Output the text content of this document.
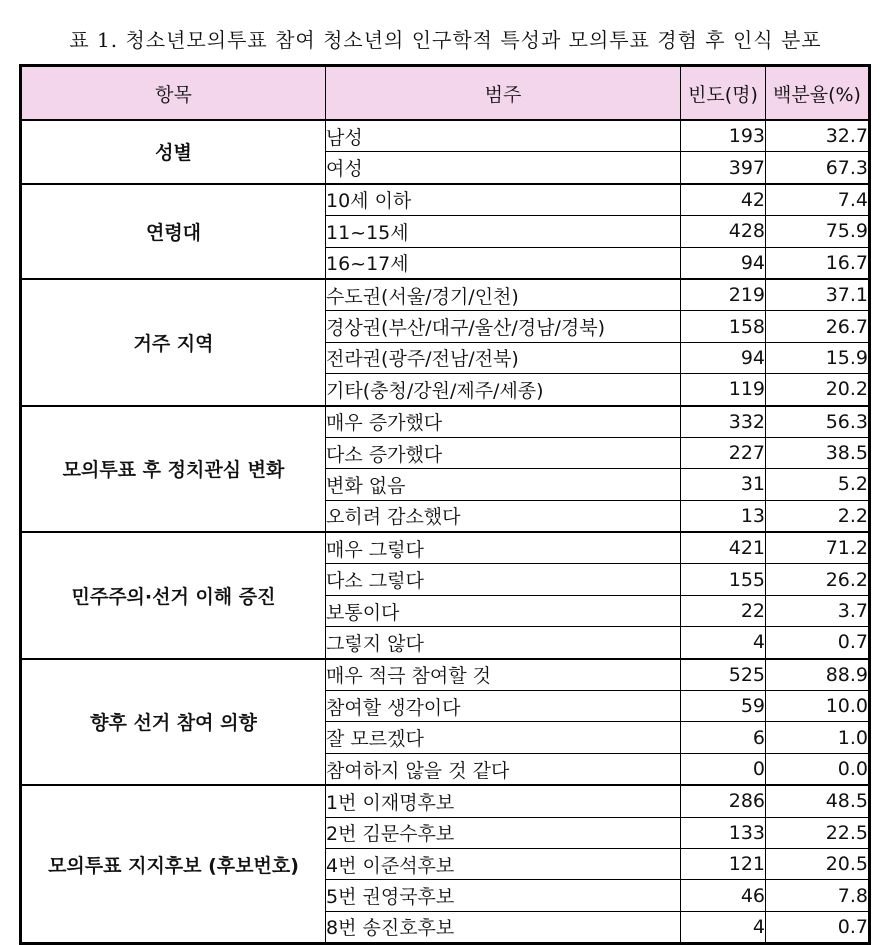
표 1. 청소년모의투표 참여 청소년의 인구학적 특성과 모의투표 경험 후 인식 분포
항목	범주	빈도(명)	백분율(%)
성별	남성	193	32.7
	여성	397	67.3
연령대	10세 이하	42	7.4
	11~15세	428	75.9
	16~17세	94	16.7
거주 지역	수도권(서울/경기/인천)	219	37.1
	경상권(부산/대구/울산/경남/경북)	158	26.7
	전라권(광주/전남/전북)	94	15.9
	기타(충청/강원/제주/세종)	119	20.2
모의투표 후 정치관심 변화	매우 증가했다	332	56.3
	다소 증가했다	227	38.5
	변화 없음	31	5.2
	오히려 감소했다	13	2.2
민주주의·선거 이해 증진	매우 그렇다	421	71.2
	다소 그렇다	155	26.2
	보통이다	22	3.7
	그렇지 않다	4	0.7
향후 선거 참여 의향	매우 적극 참여할 것	525	88.9
	참여할 생각이다	59	10.0
	잘 모르겠다	6	1.0
	참여하지 않을 것 같다	0	0.0
모의투표 지지후보 (후보번호)	1번 이재명후보	286	48.5
	2번 김문수후보	133	22.5
	4번 이준석후보	121	20.5
	5번 권영국후보	46	7.8
	8번 송진호후보	4	0.7
